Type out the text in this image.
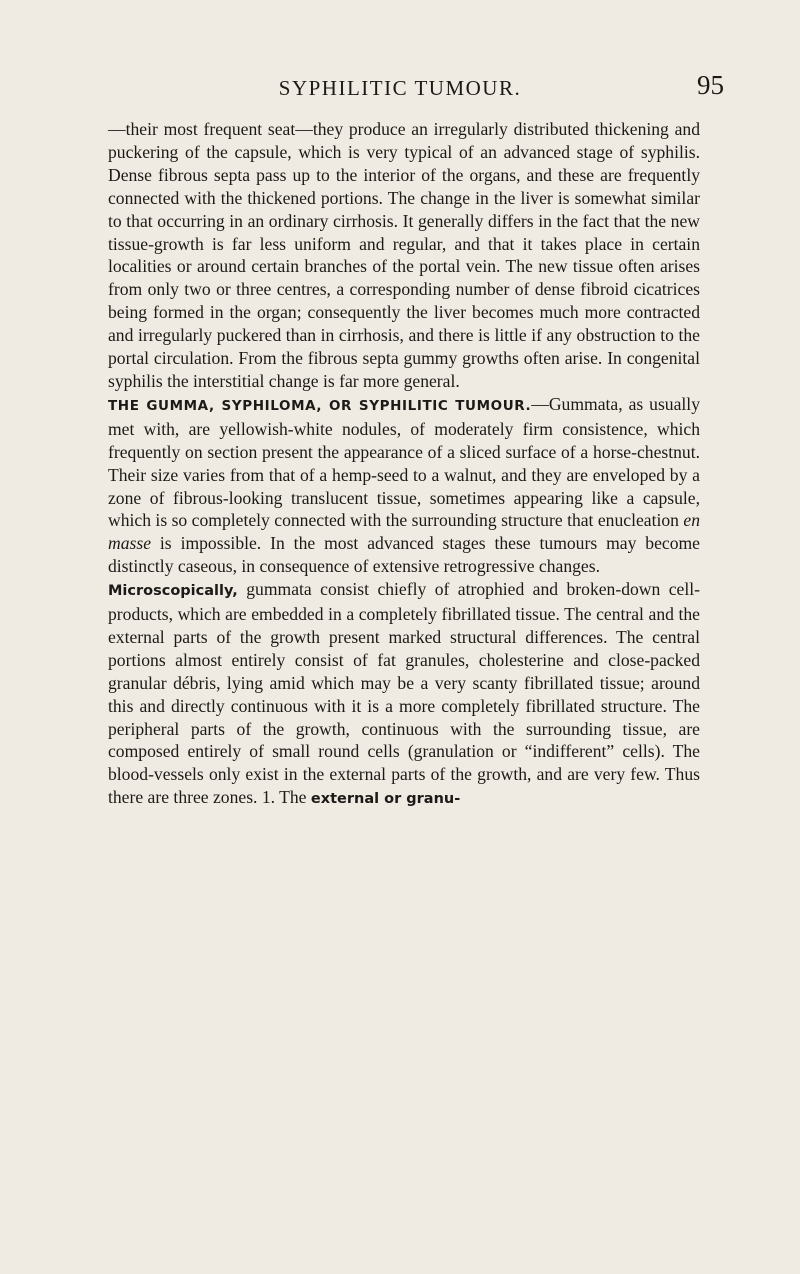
SYPHILITIC TUMOUR.	95

—their most frequent seat—they produce an irregularly distributed thickening and puckering of the capsule, which is very typical of an advanced stage of syphilis. Dense fibrous septa pass up to the interior of the organs, and these are frequently connected with the thickened portions. The change in the liver is somewhat similar to that occurring in an ordinary cirrhosis. It generally differs in the fact that the new tissue-growth is far less uniform and regular, and that it takes place in certain localities or around certain branches of the portal vein. The new tissue often arises from only two or three centres, a corresponding number of dense fibroid cicatrices being formed in the organ; consequently the liver becomes much more contracted and irregularly puckered than in cirrhosis, and there is little if any obstruction to the portal circulation. From the fibrous septa gummy growths often arise. In congenital syphilis the interstitial change is far more general.

THE GUMMA, SYPHILOMA, OR SYPHILITIC TUMOUR.—Gummata, as usually met with, are yellowish-white nodules, of moderately firm consistence, which frequently on section present the appearance of a sliced surface of a horse-chestnut. Their size varies from that of a hemp-seed to a walnut, and they are enveloped by a zone of fibrous-looking translucent tissue, sometimes appearing like a capsule, which is so completely connected with the surrounding structure that enucleation en masse is impossible. In the most advanced stages these tumours may become distinctly caseous, in consequence of extensive retrogressive changes.

Microscopically, gummata consist chiefly of atrophied and broken-down cell-products, which are embedded in a completely fibrillated tissue. The central and the external parts of the growth present marked structural differences. The central portions almost entirely consist of fat granules, cholesterine and close-packed granular débris, lying amid which may be a very scanty fibrillated tissue; around this and directly continuous with it is a more completely fibrillated structure. The peripheral parts of the growth, continuous with the surrounding tissue, are composed entirely of small round cells (granulation or “indifferent” cells). The blood-vessels only exist in the external parts of the growth, and are very few. Thus there are three zones. 1. The external or granu-
